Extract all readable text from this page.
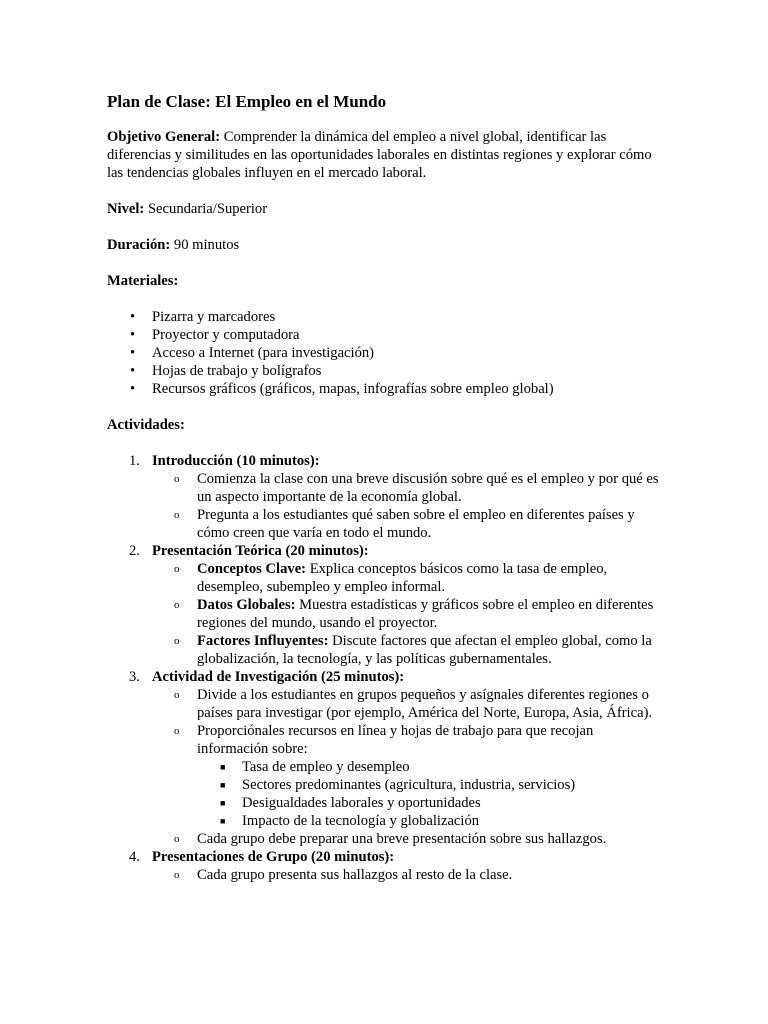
Plan de Clase: El Empleo en el Mundo

Objetivo General: Comprender la dinámica del empleo a nivel global, identificar las diferencias y similitudes en las oportunidades laborales en distintas regiones y explorar cómo las tendencias globales influyen en el mercado laboral.

Nivel: Secundaria/Superior

Duración: 90 minutos

Materiales:

• Pizarra y marcadores
• Proyector y computadora
• Acceso a Internet (para investigación)
• Hojas de trabajo y bolígrafos
• Recursos gráficos (gráficos, mapas, infografías sobre empleo global)

Actividades:

1. Introducción (10 minutos):
o Comienza la clase con una breve discusión sobre qué es el empleo y por qué es un aspecto importante de la economía global.
o Pregunta a los estudiantes qué saben sobre el empleo en diferentes países y cómo creen que varía en todo el mundo.
2. Presentación Teórica (20 minutos):
o Conceptos Clave: Explica conceptos básicos como la tasa de empleo, desempleo, subempleo y empleo informal.
o Datos Globales: Muestra estadísticas y gráficos sobre el empleo en diferentes regiones del mundo, usando el proyector.
o Factores Influyentes: Discute factores que afectan el empleo global, como la globalización, la tecnología, y las políticas gubernamentales.
3. Actividad de Investigación (25 minutos):
o Divide a los estudiantes en grupos pequeños y asígnales diferentes regiones o países para investigar (por ejemplo, América del Norte, Europa, Asia, África).
o Proporciónales recursos en línea y hojas de trabajo para que recojan información sobre:
■ Tasa de empleo y desempleo
■ Sectores predominantes (agricultura, industria, servicios)
■ Desigualdades laborales y oportunidades
■ Impacto de la tecnología y globalización
o Cada grupo debe preparar una breve presentación sobre sus hallazgos.
4. Presentaciones de Grupo (20 minutos):
o Cada grupo presenta sus hallazgos al resto de la clase.
